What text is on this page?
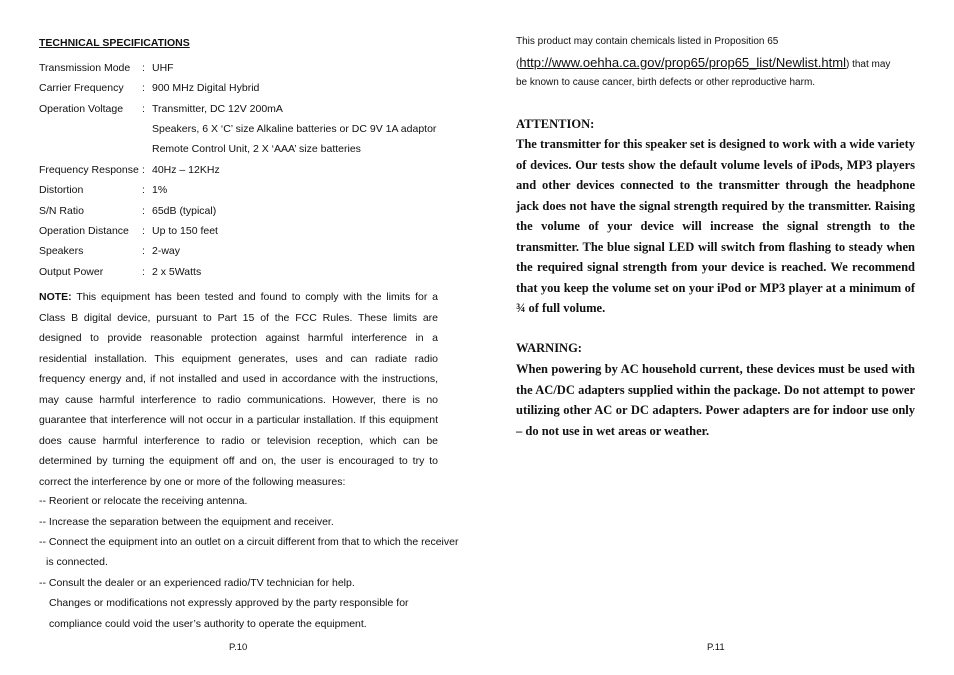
TECHNICAL SPECIFICATIONS
Transmission Mode : UHF
Carrier Frequency : 900 MHz Digital Hybrid
Operation Voltage : Transmitter, DC 12V 200mA
Speakers, 6 X ‘C’ size Alkaline batteries or DC 9V 1A adaptor
Remote Control Unit, 2 X ‘AAA’ size batteries
Frequency Response : 40Hz – 12KHz
Distortion	: 1%
S/N Ratio	: 65dB (typical)
Operation Distance : Up to 150 feet
Speakers	: 2-way
Output Power	: 2 x 5Watts
NOTE: This equipment has been tested and found to comply with the limits for a Class B digital device, pursuant to Part 15 of the FCC Rules. These limits are designed to provide reasonable protection against harmful interference in a residential installation. This equipment generates, uses and can radiate radio frequency energy and, if not installed and used in accordance with the instructions, may cause harmful interference to radio communications. However, there is no guarantee that interference will not occur in a particular installation. If this equipment does cause harmful interference to radio or television reception, which can be determined by turning the equipment off and on, the user is encouraged to try to correct the interference by one or more of the following measures:
-- Reorient or relocate the receiving antenna.
-- Increase the separation between the equipment and receiver.
-- Connect the equipment into an outlet on a circuit different from that to which the receiver
is connected.
-- Consult the dealer or an experienced radio/TV technician for help.
Changes or modifications not expressly approved by the party responsible for
compliance could void the user’s authority to operate the equipment.
P.10
This product may contain chemicals listed in Proposition 65
(http://www.oehha.ca.gov/prop65/prop65_list/Newlist.html) that may
be known to cause cancer, birth defects or other reproductive harm.
ATTENTION:
The transmitter for this speaker set is designed to work with a wide variety of devices. Our tests show the default volume levels of iPods, MP3 players and other devices connected to the transmitter through the headphone jack does not have the signal strength required by the transmitter. Raising the volume of your device will increase the signal strength to the transmitter. The blue signal LED will switch from flashing to steady when the required signal strength from your device is reached. We recommend that you keep the volume set on your iPod or MP3 player at a minimum of ¾ of full volume.
WARNING:
When powering by AC household current, these devices must be used with the AC/DC adapters supplied within the package. Do not attempt to power utilizing other AC or DC adapters. Power adapters are for indoor use only – do not use in wet areas or weather.
P.11
